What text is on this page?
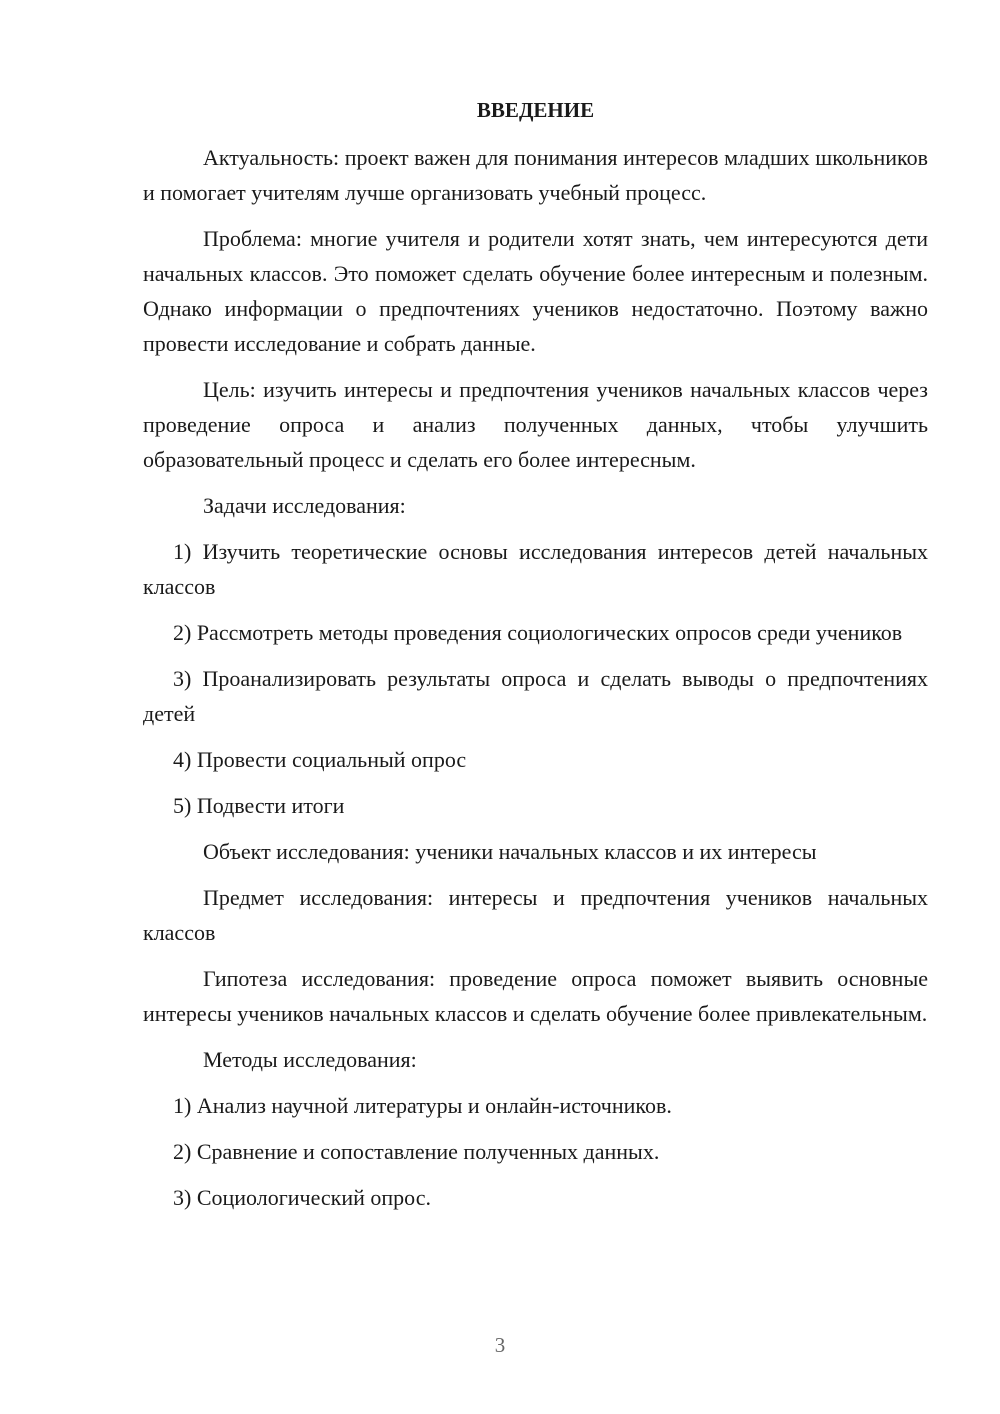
ВВЕДЕНИЕ
Актуальность: проект важен для понимания интересов младших школьников и помогает учителям лучше организовать учебный процесс.
Проблема: многие учителя и родители хотят знать, чем интересуются дети начальных классов. Это поможет сделать обучение более интересным и полезным. Однако информации о предпочтениях учеников недостаточно. Поэтому важно провести исследование и собрать данные.
Цель: изучить интересы и предпочтения учеников начальных классов через проведение опроса и анализ полученных данных, чтобы улучшить образовательный процесс и сделать его более интересным.
Задачи исследования:
1) Изучить теоретические основы исследования интересов детей начальных классов
2) Рассмотреть методы проведения социологических опросов среди учеников
3) Проанализировать результаты опроса и сделать выводы о предпочтениях детей
4) Провести социальный опрос
5) Подвести итоги
Объект исследования: ученики начальных классов и их интересы
Предмет исследования: интересы и предпочтения учеников начальных классов
Гипотеза исследования: проведение опроса поможет выявить основные интересы учеников начальных классов и сделать обучение более привлекательным.
Методы исследования:
1) Анализ научной литературы и онлайн-источников.
2) Сравнение и сопоставление полученных данных.
3) Социологический опрос.
3
